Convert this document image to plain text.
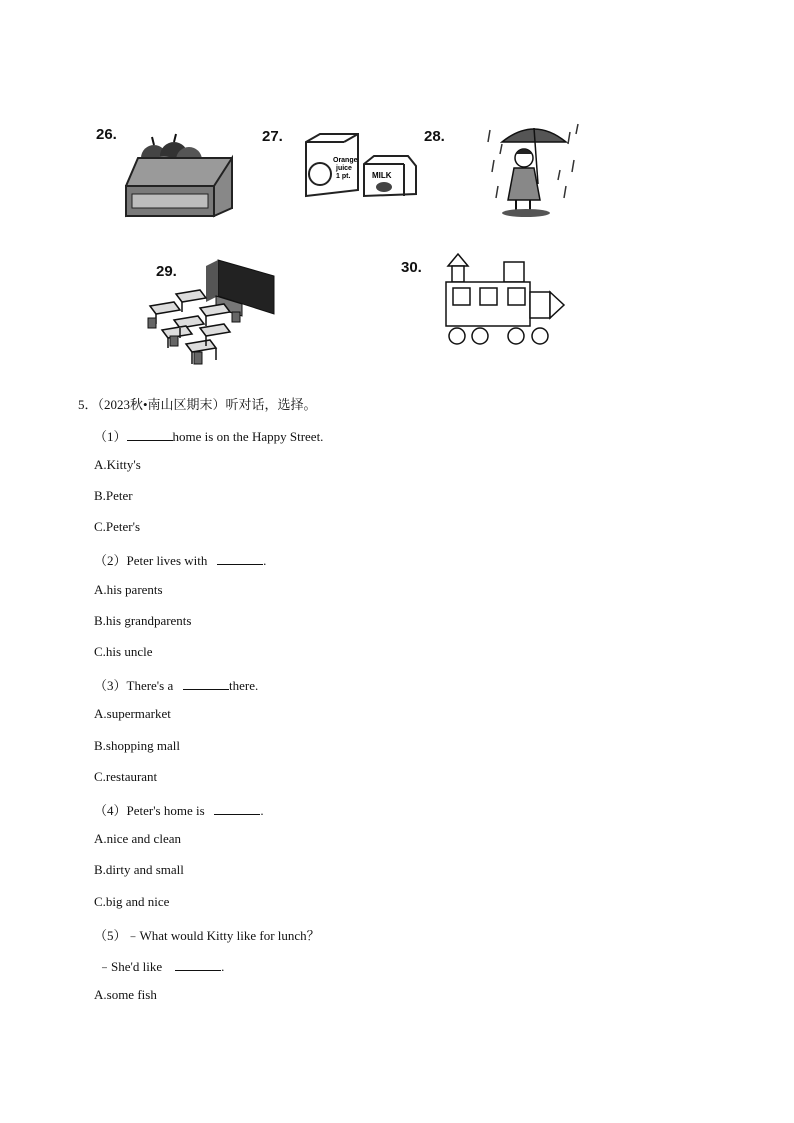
26.	27.	28.
29.	30.
Orange
juice
1 pt.	MILK
5．（2023秋•南山区期末）听对话，选择。
（1）	home is on the Happy Street.
A.Kitty's
B.Peter
C.Peter's
（2）Peter lives with	.
A.his parents
B.his grandparents
C.his uncle
（3）There's a	there.
A.supermarket
B.shopping mall
C.restaurant
（4）Peter's home is	.
A.nice and clean
B.dirty and small
C.big and nice
（5）﹣What would Kitty like for lunch？
﹣She'd like	.
A.some fish
